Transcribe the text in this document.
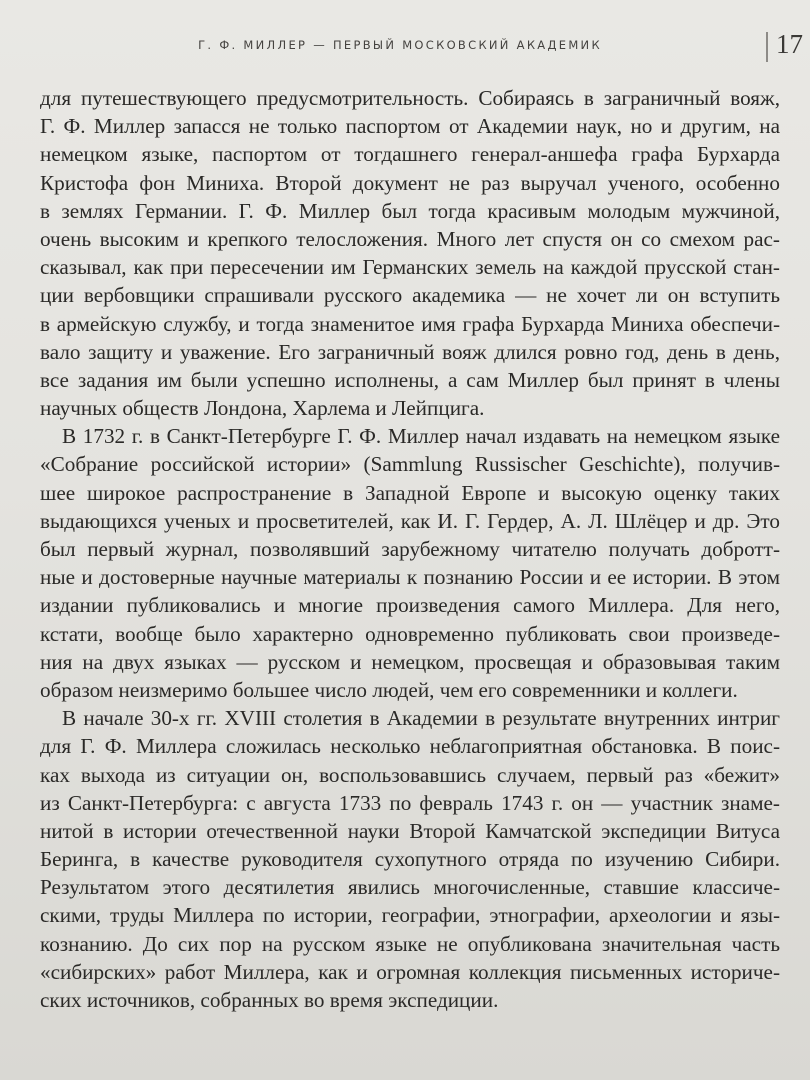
Г. Ф. МИЛЛЕР — ПЕРВЫЙ МОСКОВСКИЙ АКАДЕМИК	17
для путешествующего предусмотрительность. Собираясь в заграничный вояж,
Г. Ф. Миллер запасся не только паспортом от Академии наук, но и другим, на
немецком языке, паспортом от тогдашнего генерал-аншефа графа Бурхарда
Кристофа фон Миниха. Второй документ не раз выручал ученого, особенно
в землях Германии. Г. Ф. Миллер был тогда красивым молодым мужчиной,
очень высоким и крепкого телосложения. Много лет спустя он со смехом рас-
сказывал, как при пересечении им Германских земель на каждой прусской стан-
ции вербовщики спрашивали русского академика — не хочет ли он вступить
в армейскую службу, и тогда знаменитое имя графа Бурхарда Миниха обеспечи-
вало защиту и уважение. Его заграничный вояж длился ровно год, день в день,
все задания им были успешно исполнены, а сам Миллер был принят в члены
научных обществ Лондона, Харлема и Лейпцига.
В 1732 г. в Санкт-Петербурге Г. Ф. Миллер начал издавать на немецком языке
«Собрание российской истории» (Sammlung Russischer Geschichte), получив-
шее широкое распространение в Западной Европе и высокую оценку таких
выдающихся ученых и просветителей, как И. Г. Гердер, А. Л. Шлёцер и др. Это
был первый журнал, позволявший зарубежному читателю получать добротт-
ные и достоверные научные материалы к познанию России и ее истории. В этом
издании публиковались и многие произведения самого Миллера. Для него,
кстати, вообще было характерно одновременно публиковать свои произведе-
ния на двух языках — русском и немецком, просвещая и образовывая таким
образом неизмеримо большее число людей, чем его современники и коллеги.
В начале 30-х гг. XVIII столетия в Академии в результате внутренних интриг
для Г. Ф. Миллера сложилась несколько неблагоприятная обстановка. В поис-
ках выхода из ситуации он, воспользовавшись случаем, первый раз «бежит»
из Санкт-Петербурга: с августа 1733 по февраль 1743 г. он — участник знаме-
нитой в истории отечественной науки Второй Камчатской экспедиции Витуса
Беринга, в качестве руководителя сухопутного отряда по изучению Сибири.
Результатом этого десятилетия явились многочисленные, ставшие классиче-
скими, труды Миллера по истории, географии, этнографии, археологии и язы-
кознанию. До сих пор на русском языке не опубликована значительная часть
«сибирских» работ Миллера, как и огромная коллекция письменных историче-
ских источников, собранных во время экспедиции.
